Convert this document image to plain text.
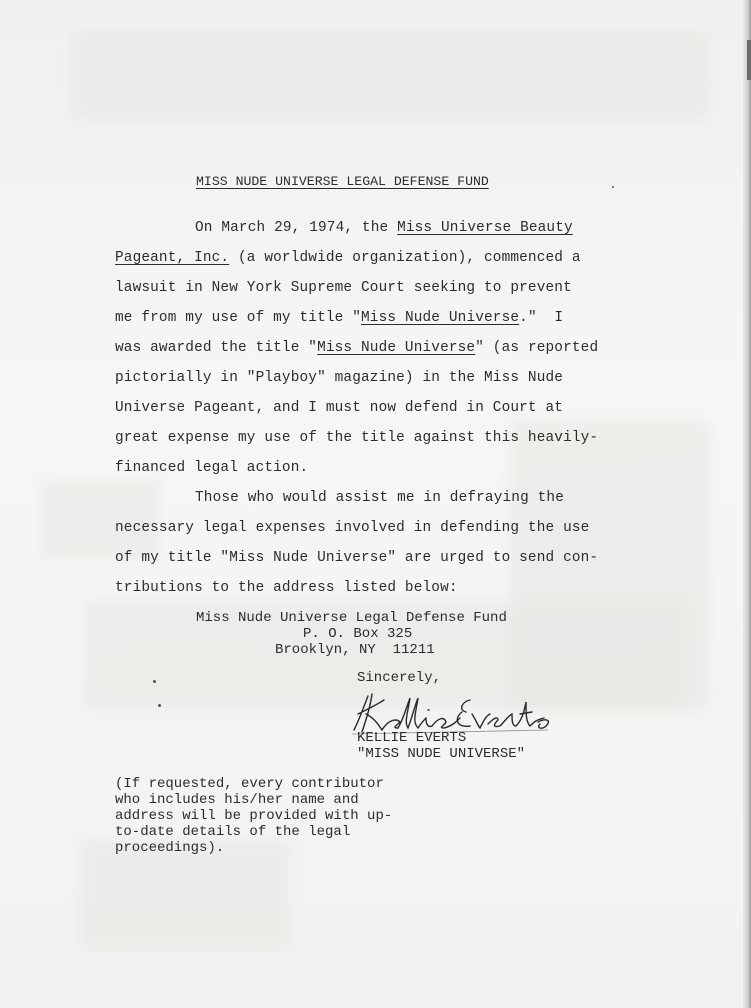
MISS NUDE UNIVERSE LEGAL DEFENSE FUND
On March 29, 1974, the Miss Universe Beauty
Pageant, Inc. (a worldwide organization), commenced a
lawsuit in New York Supreme Court seeking to prevent
me from my use of my title "Miss Nude Universe."  I
was awarded the title "Miss Nude Universe" (as reported
pictorially in "Playboy" magazine) in the Miss Nude
Universe Pageant, and I must now defend in Court at
great expense my use of the title against this heavily-
financed legal action.
Those who would assist me in defraying the
necessary legal expenses involved in defending the use
of my title "Miss Nude Universe" are urged to send con-
tributions to the address listed below:
Miss Nude Universe Legal Defense Fund
P. O. Box 325
Brooklyn, NY  11211
Sincerely,
KELLIE EVERTS
"MISS NUDE UNIVERSE"
(If requested, every contributor
who includes his/her name and
address will be provided with up-
to-date details of the legal
proceedings).
